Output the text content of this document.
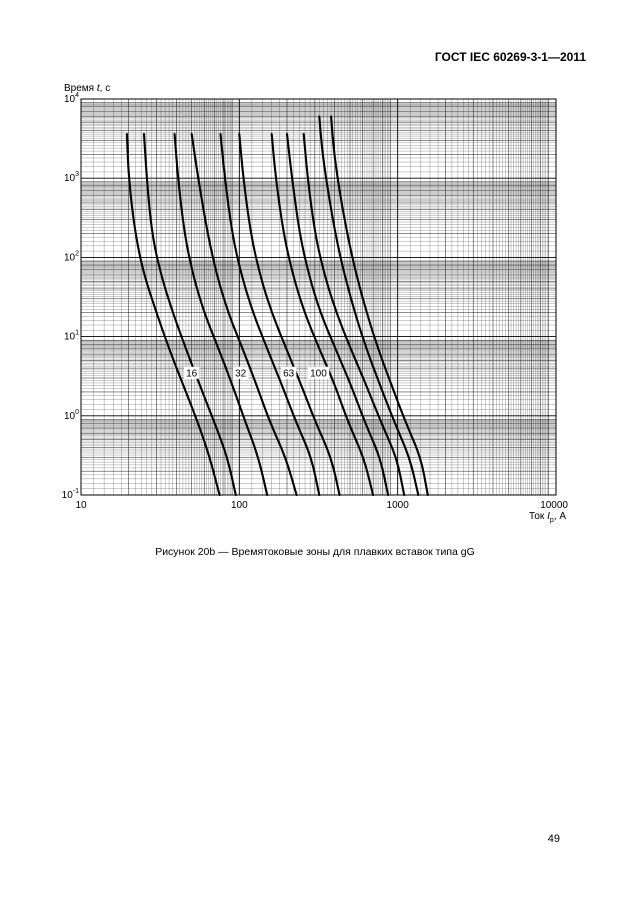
ГОСТ IEC 60269-3-1—2011
16	32	63 100
10	100	1000	10000
$10^{-1}$
$10^0$
$10^1$
$10^2$
$10^3$
$10^4$
Время t, с
Ток $I_p$, А
Рисунок 20b — Времятоковые зоны для плавких вставок типа gG
49
